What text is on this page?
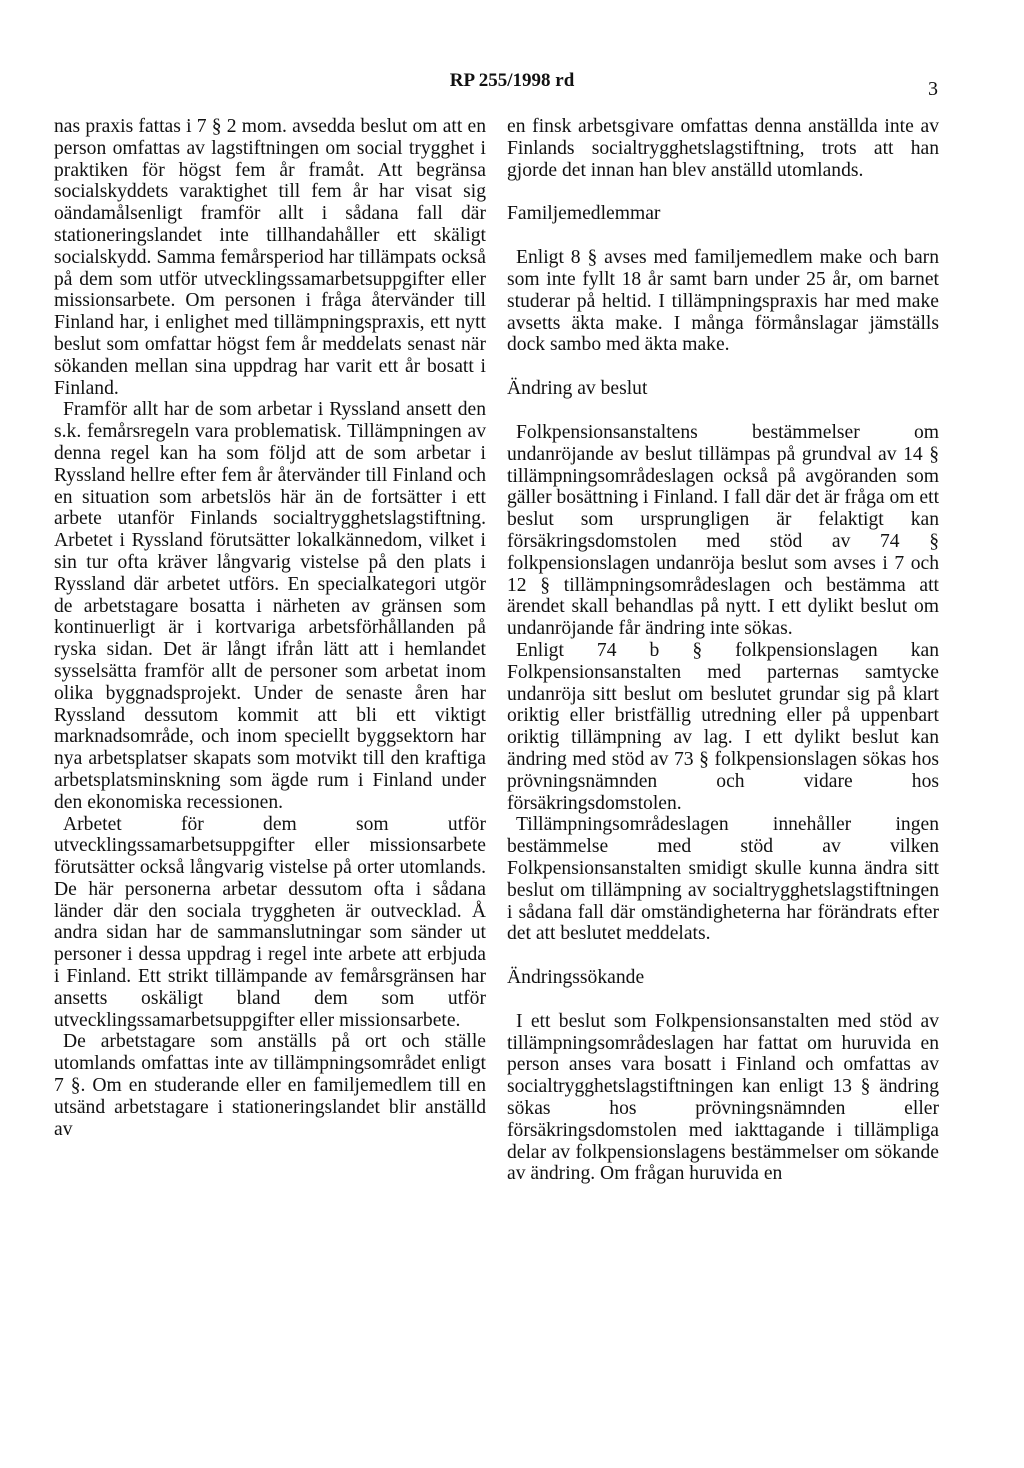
RP 255/1998 rd	3

nas praxis fattas i 7 § 2 mom. avsedda beslut om att en person omfattas av lagstiftningen om social trygghet i praktiken för högst fem år framåt. Att begränsa socialskyddets varaktighet till fem år har visat sig oändamålsenligt framför allt i sådana fall där stationeringslandet inte tillhandahåller ett skäligt socialskydd. Samma femårsperiod har tillämpats också på dem som utför utvecklingssamarbetsuppgifter eller missionsarbete. Om personen i fråga återvänder till Finland har, i enlighet med tillämpningspraxis, ett nytt beslut som omfattar högst fem år meddelats senast när sökanden mellan sina uppdrag har varit ett år bosatt i Finland.

Framför allt har de som arbetar i Ryssland ansett den s.k. femårsregeln vara problematisk. Tillämpningen av denna regel kan ha som följd att de som arbetar i Ryssland hellre efter fem år återvänder till Finland och en situation som arbetslös här än de fortsätter i ett arbete utanför Finlands socialtrygghetslagstiftning. Arbetet i Ryssland förutsätter lokalkännedom, vilket i sin tur ofta kräver långvarig vistelse på den plats i Ryssland där arbetet utförs. En specialkategori utgör de arbetstagare bosatta i närheten av gränsen som kontinuerligt är i kortvariga arbetsförhållanden på ryska sidan. Det är långt ifrån lätt att i hemlandet sysselsätta framför allt de personer som arbetat inom olika byggnadsprojekt. Under de senaste åren har Ryssland dessutom kommit att bli ett viktigt marknadsområde, och inom speciellt byggsektorn har nya arbetsplatser skapats som motvikt till den kraftiga arbetsplatsminskning som ägde rum i Finland under den ekonomiska recessionen.

Arbetet för dem som utför utvecklingssamarbetsuppgifter eller missionsarbete förutsätter också långvarig vistelse på orter utomlands. De här personerna arbetar dessutom ofta i sådana länder där den sociala tryggheten är outvecklad. Å andra sidan har de sammanslutningar som sänder ut personer i dessa uppdrag i regel inte arbete att erbjuda i Finland. Ett strikt tillämpande av femårsgränsen har ansetts oskäligt bland dem som utför utvecklingssamarbetsuppgifter eller missionsarbete.

De arbetstagare som anställs på ort och ställe utomlands omfattas inte av tillämpningsområdet enligt 7 §. Om en studerande eller en familjemedlem till en utsänd arbetstagare i stationeringslandet blir anställd av

en finsk arbetsgivare omfattas denna anställda inte av Finlands socialtrygghetslagstiftning, trots att han gjorde det innan han blev anställd utomlands.

Familjemedlemmar

Enligt 8 § avses med familjemedlem make och barn som inte fyllt 18 år samt barn under 25 år, om barnet studerar på heltid. I tillämpningspraxis har med make avsetts äkta make. I många förmånslagar jämställs dock sambo med äkta make.

Ändring av beslut

Folkpensionsanstaltens bestämmelser om undanröjande av beslut tillämpas på grundval av 14 § tillämpningsområdeslagen också på avgöranden som gäller bosättning i Finland. I fall där det är fråga om ett beslut som ursprungligen är felaktigt kan försäkringsdomstolen med stöd av 74 § folkpensionslagen undanröja beslut som avses i 7 och 12 § tillämpningsområdeslagen och bestämma att ärendet skall behandlas på nytt. I ett dylikt beslut om undanröjande får ändring inte sökas.

Enligt 74 b § folkpensionslagen kan Folkpensionsanstalten med parternas samtycke undanröja sitt beslut om beslutet grundar sig på klart oriktig eller bristfällig utredning eller på uppenbart oriktig tillämpning av lag. I ett dylikt beslut kan ändring med stöd av 73 § folkpensionslagen sökas hos prövningsnämnden och vidare hos försäkringsdomstolen.

Tillämpningsområdeslagen innehåller ingen bestämmelse med stöd av vilken Folkpensionsanstalten smidigt skulle kunna ändra sitt beslut om tillämpning av socialtrygghetslagstiftningen i sådana fall där omständigheterna har förändrats efter det att beslutet meddelats.

Ändringssökande

I ett beslut som Folkpensionsanstalten med stöd av tillämpningsområdeslagen har fattat om huruvida en person anses vara bosatt i Finland och omfattas av socialtrygghetslagstiftningen kan enligt 13 § ändring sökas hos prövningsnämnden eller försäkringsdomstolen med iakttagande i tillämpliga delar av folkpensionslagens bestämmelser om sökande av ändring. Om frågan huruvida en
